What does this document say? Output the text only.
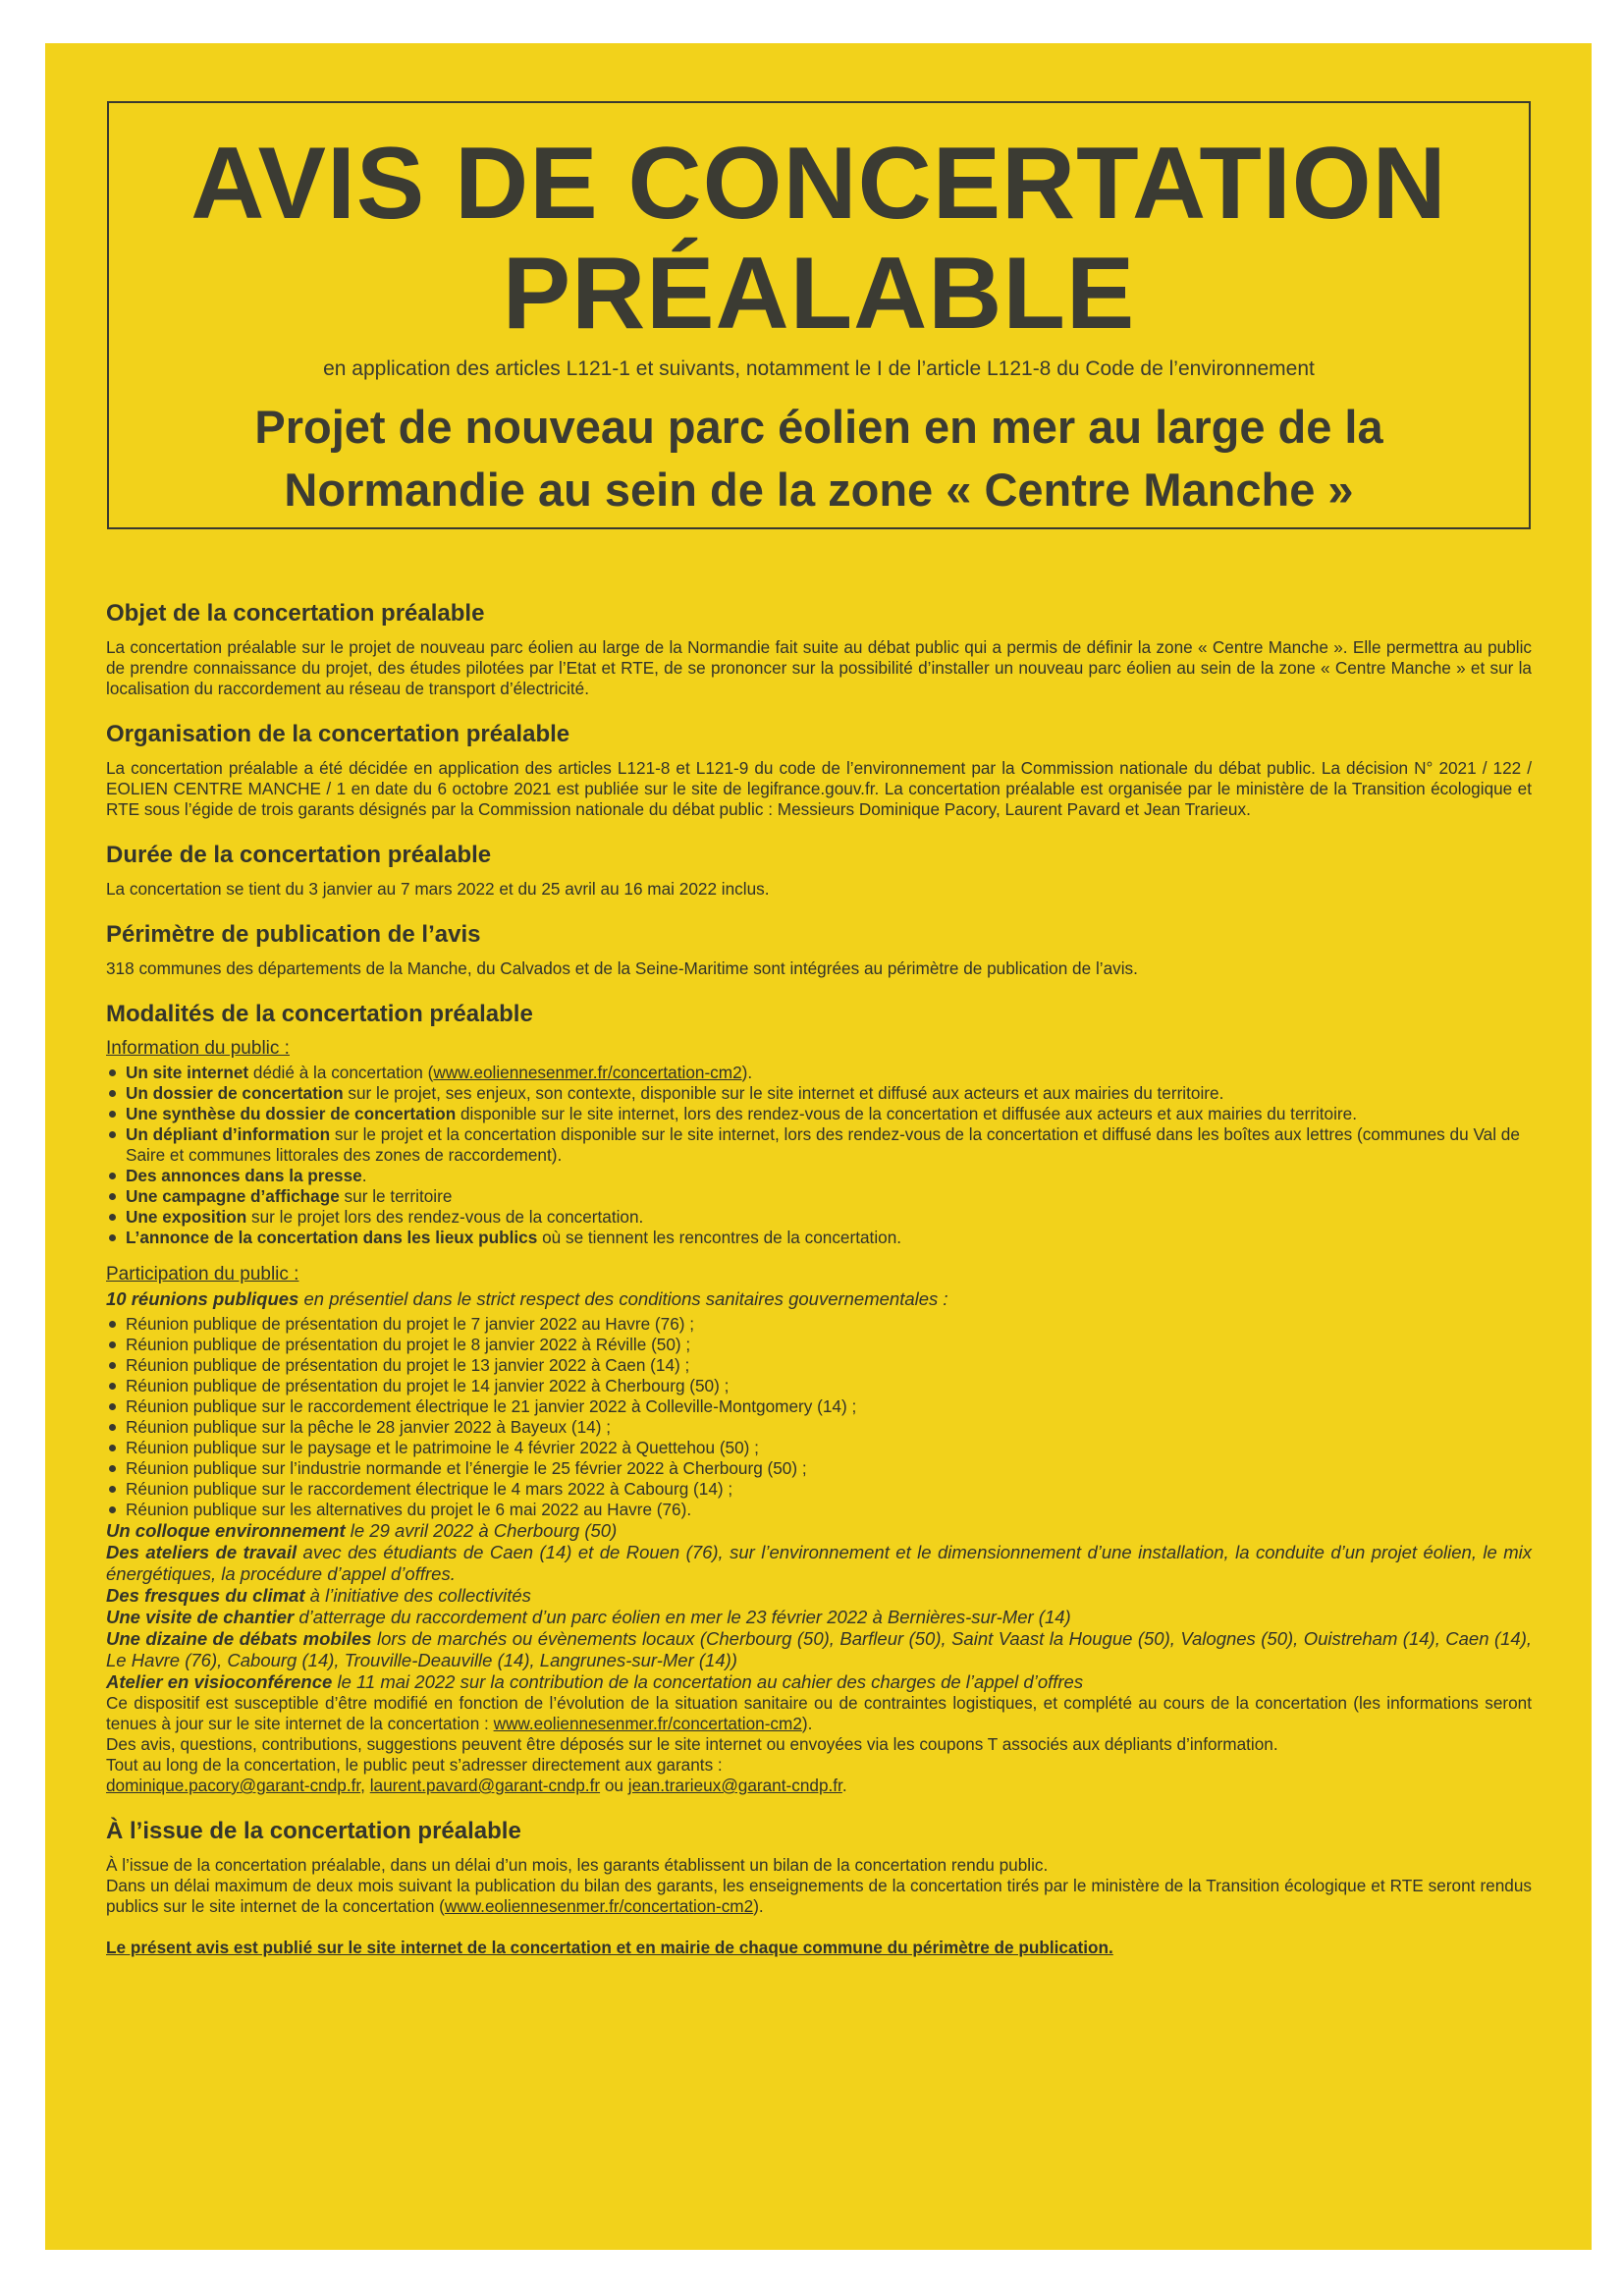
AVIS DE CONCERTATION
PRÉALABLE
en application des articles L121-1 et suivants, notamment le I de l’article L121-8 du Code de l’environnement
Projet de nouveau parc éolien en mer au large de la
Normandie au sein de la zone « Centre Manche »
Objet de la concertation préalable

La concertation préalable sur le projet de nouveau parc éolien au large de la Normandie fait suite au débat public qui a permis de définir la zone « Centre Manche ». Elle permettra au public de prendre connaissance du projet, des études pilotées par l’Etat et RTE, de se prononcer sur la possibilité d’installer un nouveau parc éolien au sein de la zone « Centre Manche » et sur la localisation du raccordement au réseau de transport d’électricité.

Organisation de la concertation préalable

La concertation préalable a été décidée en application des articles L121-8 et L121-9 du code de l’environnement par la Commission nationale du débat public. La décision N° 2021 / 122 / EOLIEN CENTRE MANCHE / 1 en date du 6 octobre 2021 est publiée sur le site de legifrance.gouv.fr. La concertation préalable est organisée par le ministère de la Transition écologique et RTE sous l’égide de trois garants désignés par la Commission nationale du débat public : Messieurs Dominique Pacory, Laurent Pavard et Jean Trarieux.

Durée de la concertation préalable

La concertation se tient du 3 janvier au 7 mars 2022 et du 25 avril au 16 mai 2022 inclus.

Périmètre de publication de l’avis

318 communes des départements de la Manche, du Calvados et de la Seine-Maritime sont intégrées au périmètre de publication de l’avis.

Modalités de la concertation préalable
Information du public :
Un site internet dédié à la concertation (www.eoliennesenmer.fr/concertation-cm2).
Un dossier de concertation sur le projet, ses enjeux, son contexte, disponible sur le site internet et diffusé aux acteurs et aux mairies du territoire.
Une synthèse du dossier de concertation disponible sur le site internet, lors des rendez-vous de la concertation et diffusée aux acteurs et aux mairies du territoire.
Un dépliant d’information sur le projet et la concertation disponible sur le site internet, lors des rendez-vous de la concertation et diffusé dans les boîtes aux lettres (communes du Val de Saire et communes littorales des zones de raccordement).
Des annonces dans la presse.
Une campagne d’affichage sur le territoire
Une exposition sur le projet lors des rendez-vous de la concertation.
L’annonce de la concertation dans les lieux publics où se tiennent les rencontres de la concertation.
Participation du public :

10 réunions publiques en présentiel dans le strict respect des conditions sanitaires gouvernementales :

Réunion publique de présentation du projet le 7 janvier 2022 au Havre (76) ;
Réunion publique de présentation du projet le 8 janvier 2022 à Réville (50) ;
Réunion publique de présentation du projet le 13 janvier 2022 à Caen (14) ;
Réunion publique de présentation du projet le 14 janvier 2022 à Cherbourg (50) ;
Réunion publique sur le raccordement électrique le 21 janvier 2022 à Colleville-Montgomery (14) ;
Réunion publique sur la pêche le 28 janvier 2022 à Bayeux (14) ;
Réunion publique sur le paysage et le patrimoine le 4 février 2022 à Quettehou (50) ;
Réunion publique sur l’industrie normande et l’énergie le 25 février 2022 à Cherbourg (50) ;
Réunion publique sur le raccordement électrique le 4 mars 2022 à Cabourg (14) ;
Réunion publique sur les alternatives du projet le 6 mai 2022 au Havre (76).

Un colloque environnement le 29 avril 2022 à Cherbourg (50)

Des ateliers de travail avec des étudiants de Caen (14) et de Rouen (76), sur l’environnement et le dimensionnement d’une installation, la conduite d’un projet éolien, le mix énergétiques, la procédure d’appel d’offres.

Des fresques du climat à l’initiative des collectivités

Une visite de chantier d’atterrage du raccordement d’un parc éolien en mer le 23 février 2022 à Bernières-sur-Mer (14)

Une dizaine de débats mobiles lors de marchés ou évènements locaux (Cherbourg (50), Barfleur (50), Saint Vaast la Hougue (50), Valognes (50), Ouistreham (14), Caen (14), Le Havre (76), Cabourg (14), Trouville-Deauville (14), Langrunes-sur-Mer (14))

Atelier en visioconférence le 11 mai 2022 sur la contribution de la concertation au cahier des charges de l’appel d’offres

Ce dispositif est susceptible d’être modifié en fonction de l’évolution de la situation sanitaire ou de contraintes logistiques, et complété au cours de la concertation (les informations seront tenues à jour sur le site internet de la concertation : www.eoliennesenmer.fr/concertation-cm2).

Des avis, questions, contributions, suggestions peuvent être déposés sur le site internet ou envoyées via les coupons T associés aux dépliants d’information.

Tout au long de la concertation, le public peut s’adresser directement aux garants :

dominique.pacory@garant-cndp.fr, laurent.pavard@garant-cndp.fr ou jean.trarieux@garant-cndp.fr.

À l’issue de la concertation préalable

À l’issue de la concertation préalable, dans un délai d’un mois, les garants établissent un bilan de la concertation rendu public.

Dans un délai maximum de deux mois suivant la publication du bilan des garants, les enseignements de la concertation tirés par le ministère de la Transition écologique et RTE seront rendus publics sur le site internet de la concertation (www.eoliennesenmer.fr/concertation-cm2).

Le présent avis est publié sur le site internet de la concertation et en mairie de chaque commune du périmètre de publication.
